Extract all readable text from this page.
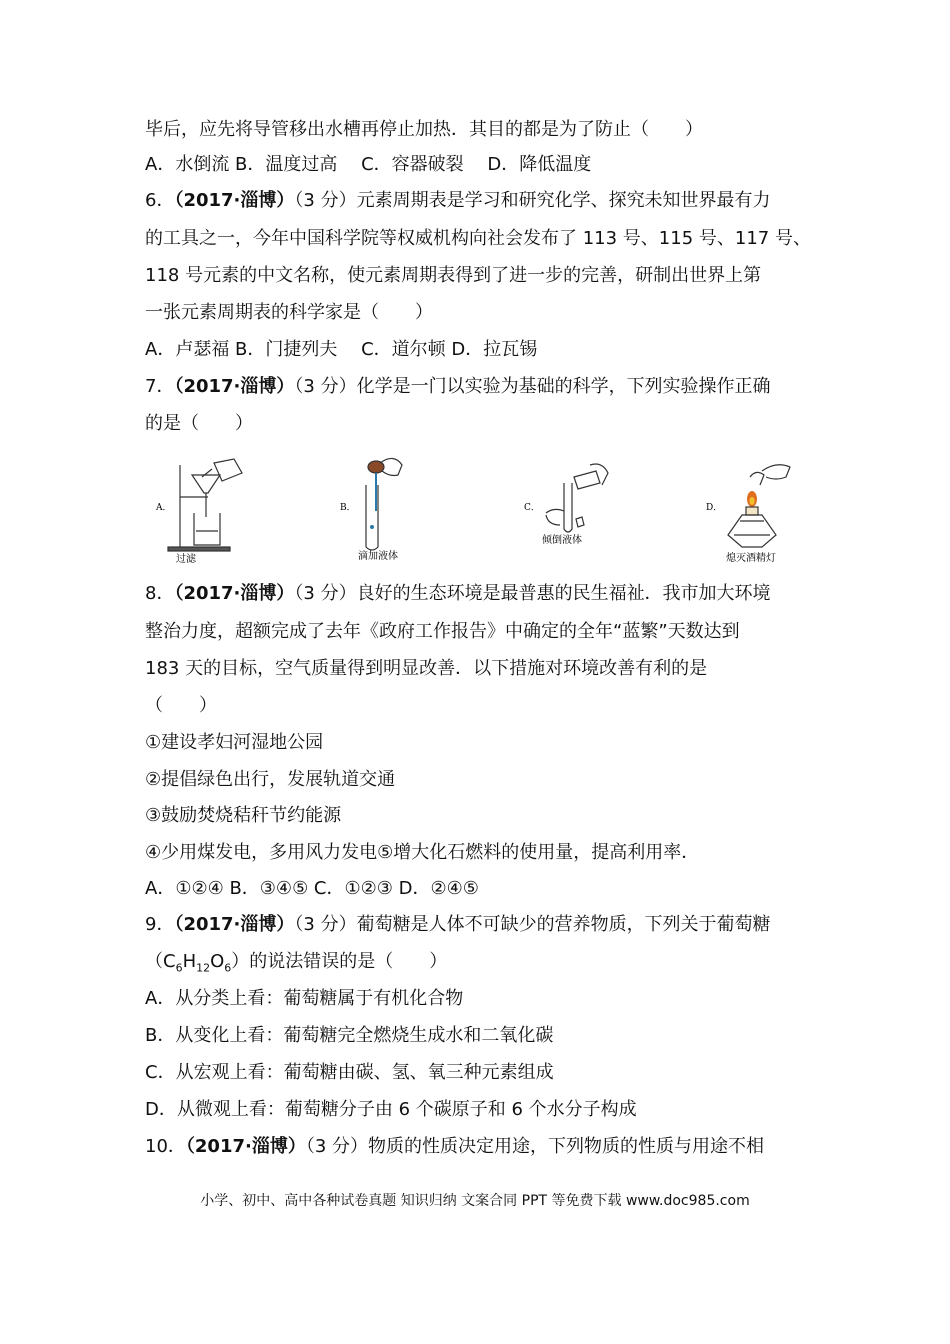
毕后，应先将导管移出水槽再停止加热．其目的都是为了防止（　　）
A．水倒流 B．温度过高　 C．容器破裂　 D．降低温度
6．（2017·淄博）（3 分）元素周期表是学习和研究化学、探究未知世界最有力
的工具之一，今年中国科学院等权威机构向社会发布了 113 号、115 号、117 号、
118 号元素的中文名称，使元素周期表得到了进一步的完善，研制出世界上第
一张元素周期表的科学家是（　　）
A．卢瑟福 B．门捷列夫　 C．道尔顿 D．拉瓦锡
7．（2017·淄博）（3 分）化学是一门以实验为基础的科学，下列实验操作正确
的是（　　）
A．
过滤
B．
滴加液体
C．
倾倒液体
D．
熄灭酒精灯
8．（2017·淄博）（3 分）良好的生态环境是最普惠的民生福祉．我市加大环境
整治力度，超额完成了去年《政府工作报告》中确定的全年“蓝繁”天数达到
183 天的目标，空气质量得到明显改善．以下措施对环境改善有利的是
（　　）
①建设孝妇河湿地公园
②提倡绿色出行，发展轨道交通
③鼓励焚烧秸秆节约能源
④少用煤发电，多用风力发电⑤增大化石燃料的使用量，提高利用率．
A．①②④ B．③④⑤ C．①②③ D．②④⑤
9．（2017·淄博）（3 分）葡萄糖是人体不可缺少的营养物质，下列关于葡萄糖
$(C_6H_{12}O_6)$的说法错误的是（　　）
A．从分类上看：葡萄糖属于有机化合物
B．从变化上看：葡萄糖完全燃烧生成水和二氧化碳
C．从宏观上看：葡萄糖由碳、氢、氧三种元素组成
D．从微观上看：葡萄糖分子由 6 个碳原子和 6 个水分子构成
10．（2017·淄博）（3 分）物质的性质决定用途，下列物质的性质与用途不相
小学、初中、高中各种试卷真题 知识归纳 文案合同 PPT 等免费下载 www.doc985.com
